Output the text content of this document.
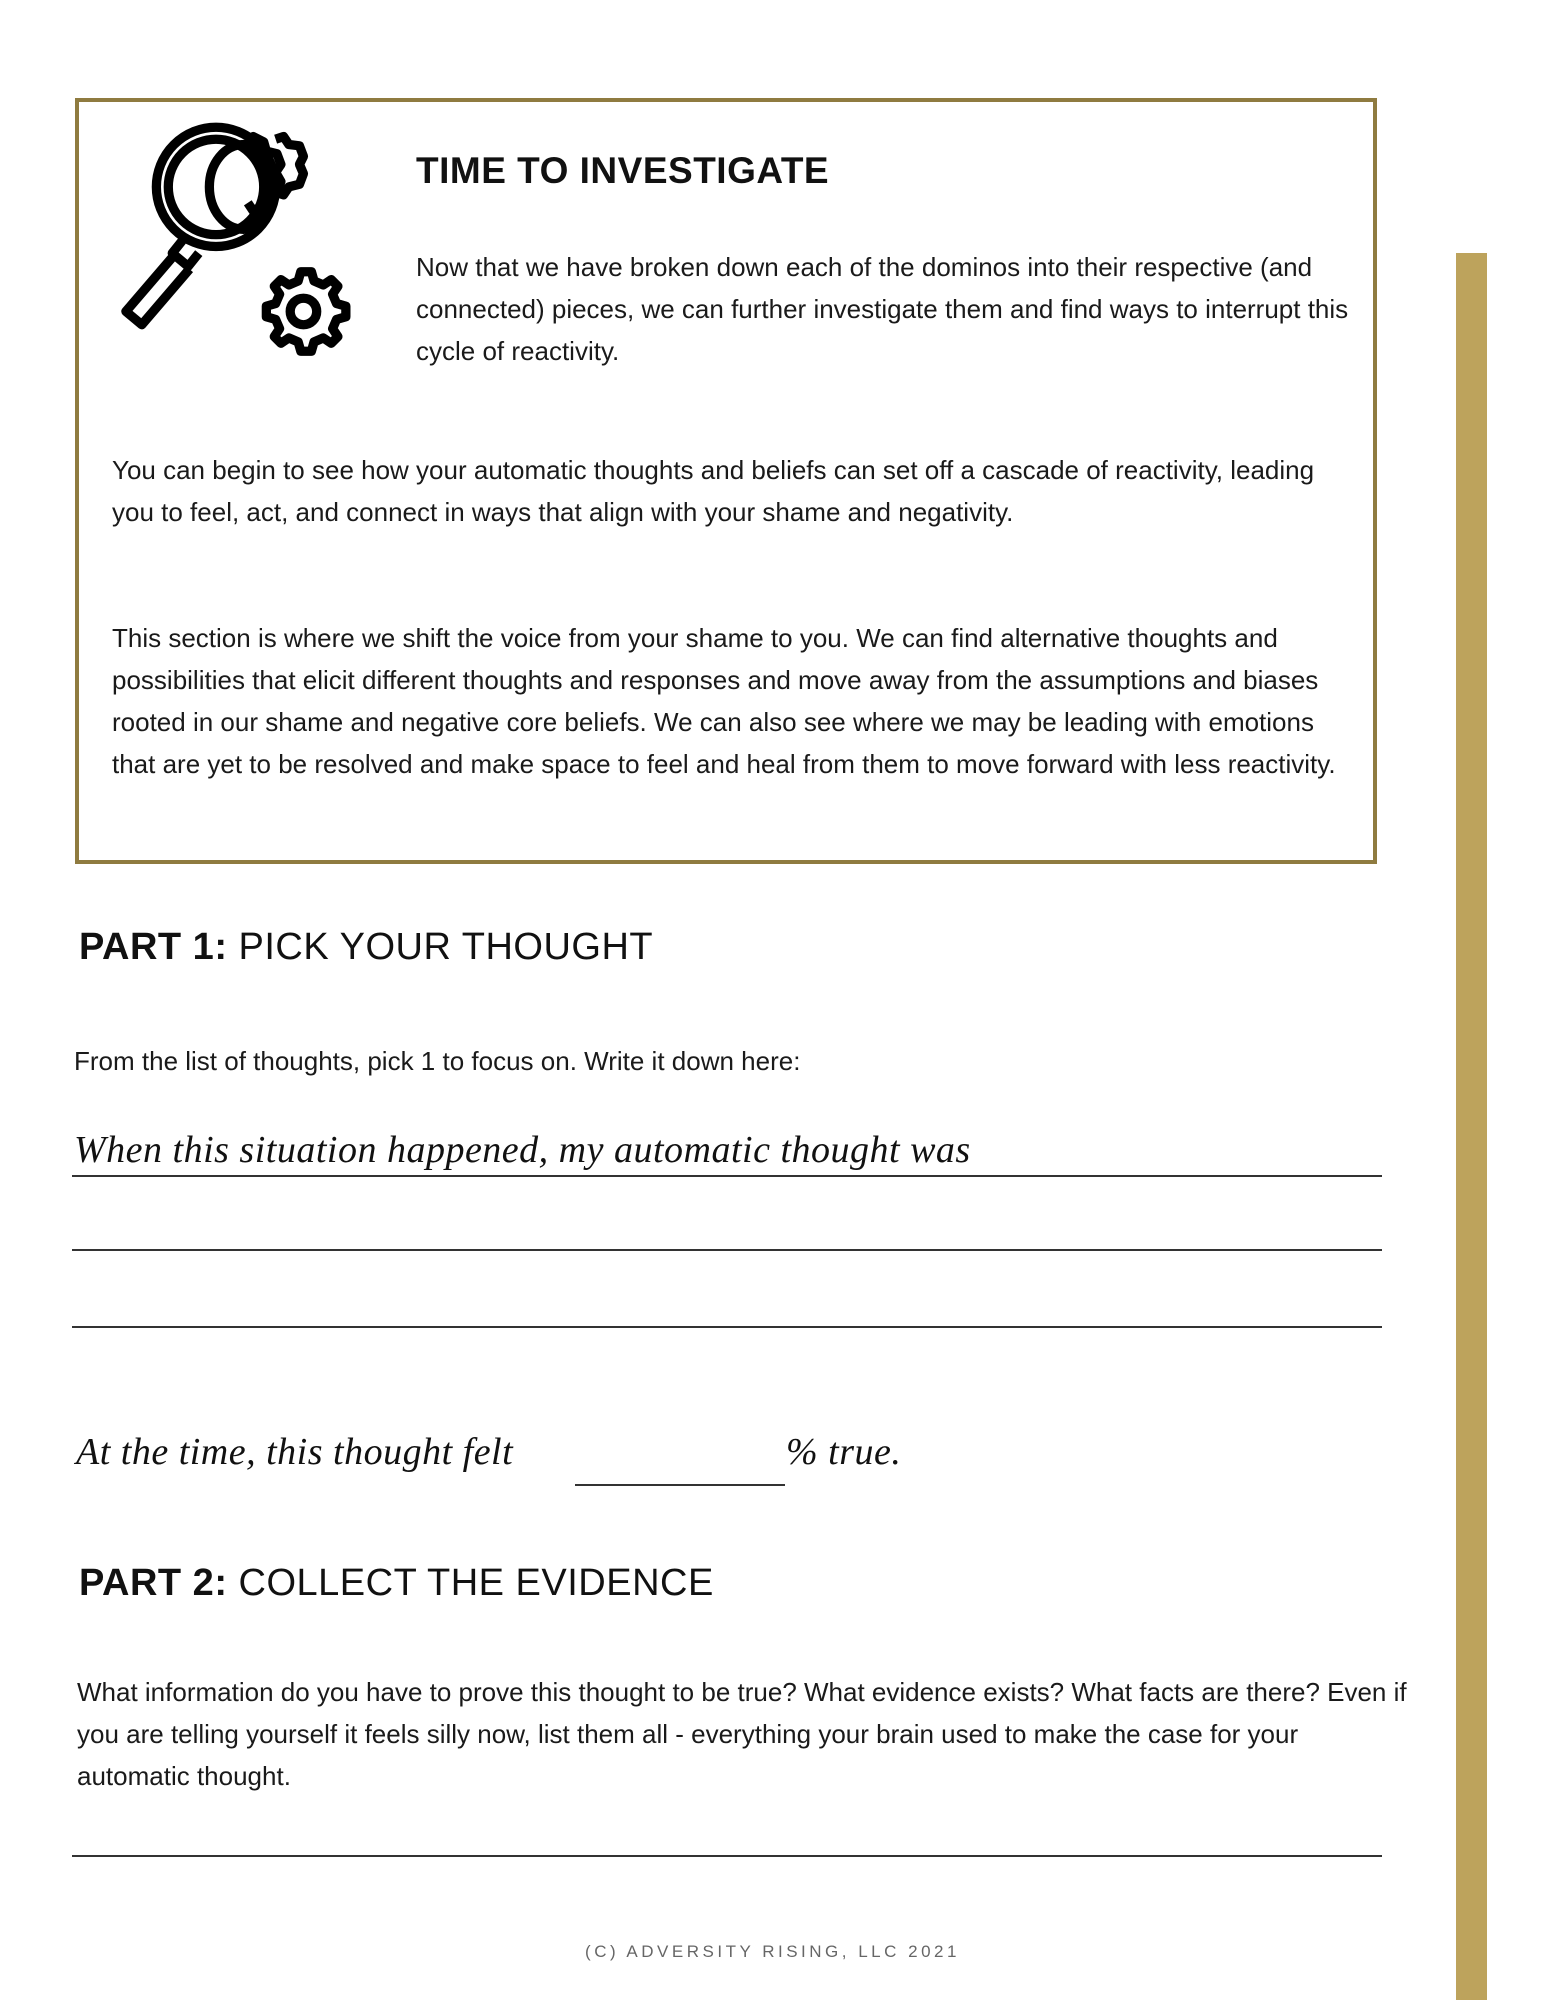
TIME TO INVESTIGATE
Now that we have broken down each of the dominos into their respective (and connected) pieces, we can further investigate them and find ways to interrupt this cycle of reactivity.
You can begin to see how your automatic thoughts and beliefs can set off a cascade of reactivity, leading you to feel, act, and connect in ways that align with your shame and negativity.
This section is where we shift the voice from your shame to you. We can find alternative thoughts and possibilities that elicit different thoughts and responses and move away from the assumptions and biases rooted in our shame and negative core beliefs. We can also see where we may be leading with emotions that are yet to be resolved and make space to feel and heal from them to move forward with less reactivity.
PART 1: PICK YOUR THOUGHT
From the list of thoughts, pick 1 to focus on. Write it down here:
When this situation happened, my automatic thought was
At the time, this thought felt	% true.
PART 2: COLLECT THE EVIDENCE
What information do you have to prove this thought to be true? What evidence exists? What facts are there? Even if you are telling yourself it feels silly now, list them all - everything your brain used to make the case for your automatic thought.
(C) ADVERSITY RISING, LLC 2021
